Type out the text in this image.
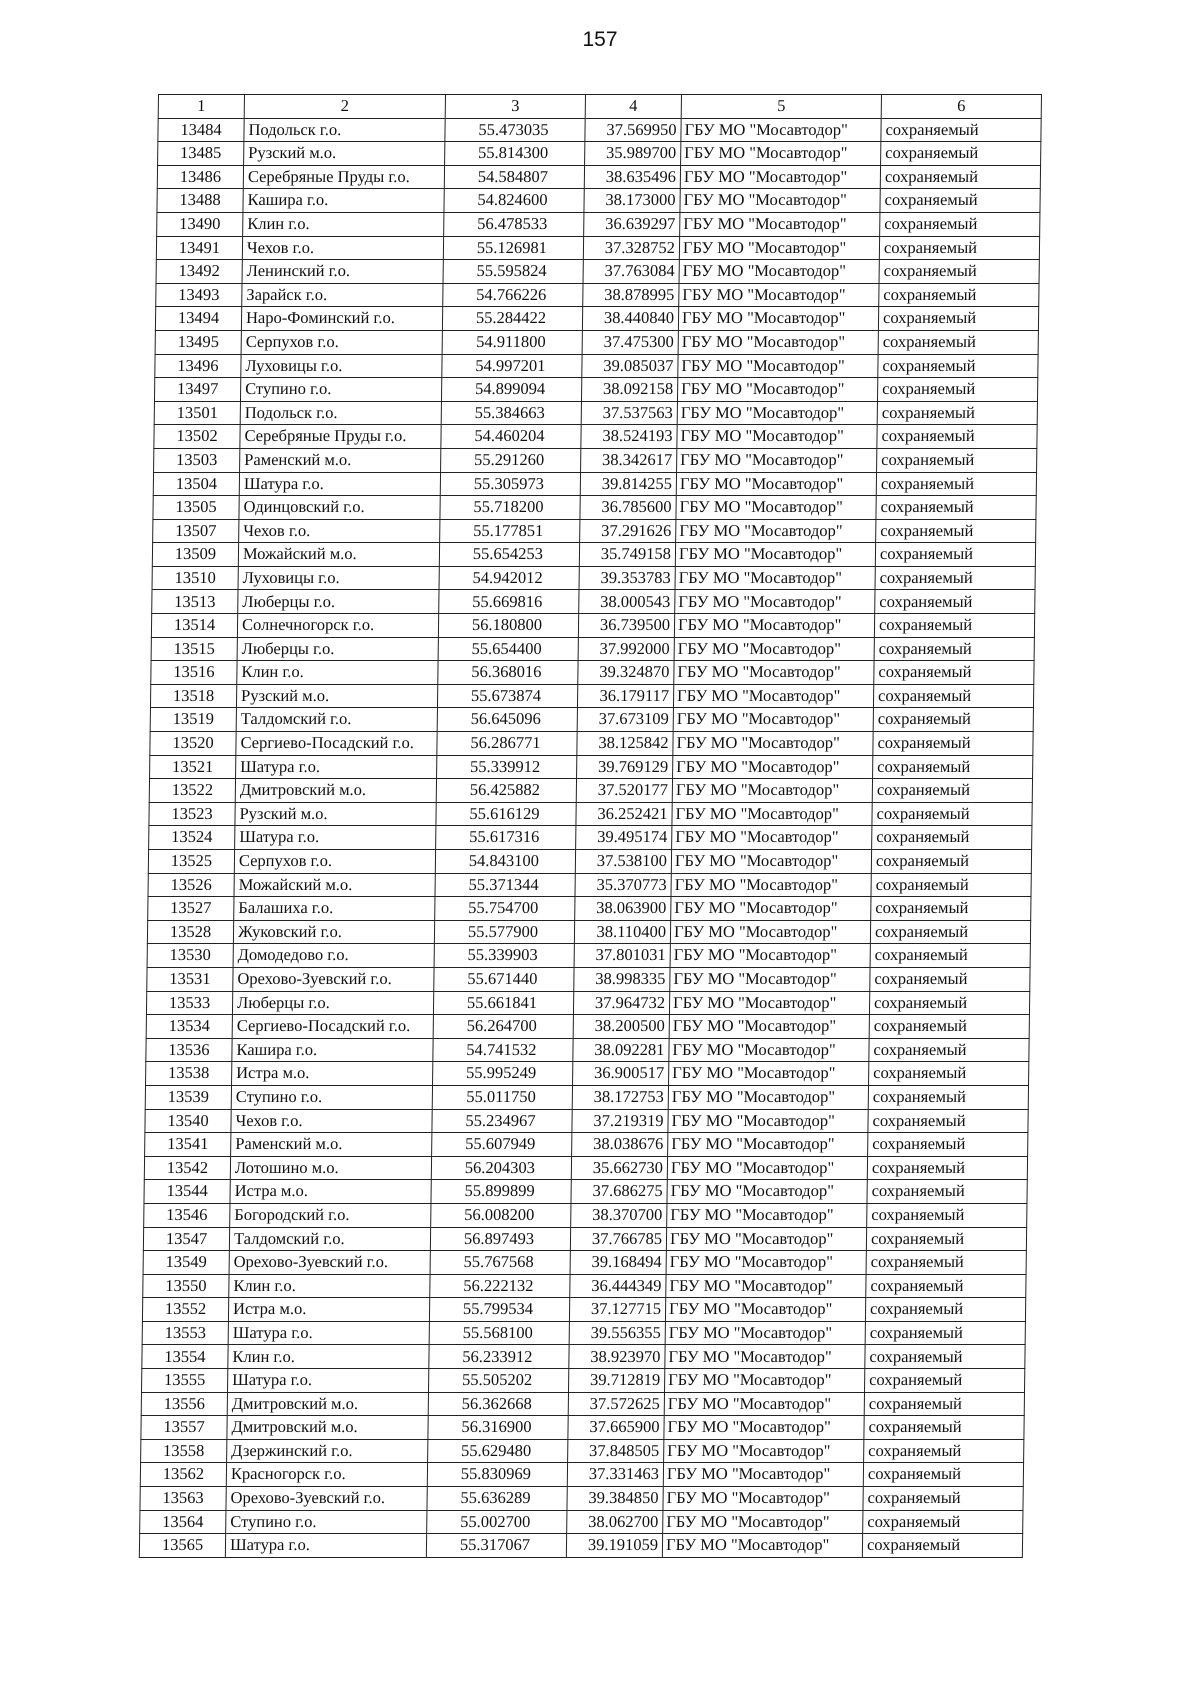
157
1	2	3	4	5	6
13484	Подольск г.о.	55.473035	37.569950	ГБУ МО "Мосавтодор"	сохраняемый
13485	Рузский м.о.	55.814300	35.989700	ГБУ МО "Мосавтодор"	сохраняемый
13486	Серебряные Пруды г.о.	54.584807	38.635496	ГБУ МО "Мосавтодор"	сохраняемый
13488	Кашира г.о.	54.824600	38.173000	ГБУ МО "Мосавтодор"	сохраняемый
13490	Клин г.о.	56.478533	36.639297	ГБУ МО "Мосавтодор"	сохраняемый
13491	Чехов г.о.	55.126981	37.328752	ГБУ МО "Мосавтодор"	сохраняемый
13492	Ленинский г.о.	55.595824	37.763084	ГБУ МО "Мосавтодор"	сохраняемый
13493	Зарайск г.о.	54.766226	38.878995	ГБУ МО "Мосавтодор"	сохраняемый
13494	Наро-Фоминский г.о.	55.284422	38.440840	ГБУ МО "Мосавтодор"	сохраняемый
13495	Серпухов г.о.	54.911800	37.475300	ГБУ МО "Мосавтодор"	сохраняемый
13496	Луховицы г.о.	54.997201	39.085037	ГБУ МО "Мосавтодор"	сохраняемый
13497	Ступино г.о.	54.899094	38.092158	ГБУ МО "Мосавтодор"	сохраняемый
13501	Подольск г.о.	55.384663	37.537563	ГБУ МО "Мосавтодор"	сохраняемый
13502	Серебряные Пруды г.о.	54.460204	38.524193	ГБУ МО "Мосавтодор"	сохраняемый
13503	Раменский м.о.	55.291260	38.342617	ГБУ МО "Мосавтодор"	сохраняемый
13504	Шатура г.о.	55.305973	39.814255	ГБУ МО "Мосавтодор"	сохраняемый
13505	Одинцовский г.о.	55.718200	36.785600	ГБУ МО "Мосавтодор"	сохраняемый
13507	Чехов г.о.	55.177851	37.291626	ГБУ МО "Мосавтодор"	сохраняемый
13509	Можайский м.о.	55.654253	35.749158	ГБУ МО "Мосавтодор"	сохраняемый
13510	Луховицы г.о.	54.942012	39.353783	ГБУ МО "Мосавтодор"	сохраняемый
13513	Люберцы г.о.	55.669816	38.000543	ГБУ МО "Мосавтодор"	сохраняемый
13514	Солнечногорск г.о.	56.180800	36.739500	ГБУ МО "Мосавтодор"	сохраняемый
13515	Люберцы г.о.	55.654400	37.992000	ГБУ МО "Мосавтодор"	сохраняемый
13516	Клин г.о.	56.368016	39.324870	ГБУ МО "Мосавтодор"	сохраняемый
13518	Рузский м.о.	55.673874	36.179117	ГБУ МО "Мосавтодор"	сохраняемый
13519	Талдомский г.о.	56.645096	37.673109	ГБУ МО "Мосавтодор"	сохраняемый
13520	Сергиево-Посадский г.о.	56.286771	38.125842	ГБУ МО "Мосавтодор"	сохраняемый
13521	Шатура г.о.	55.339912	39.769129	ГБУ МО "Мосавтодор"	сохраняемый
13522	Дмитровский м.о.	56.425882	37.520177	ГБУ МО "Мосавтодор"	сохраняемый
13523	Рузский м.о.	55.616129	36.252421	ГБУ МО "Мосавтодор"	сохраняемый
13524	Шатура г.о.	55.617316	39.495174	ГБУ МО "Мосавтодор"	сохраняемый
13525	Серпухов г.о.	54.843100	37.538100	ГБУ МО "Мосавтодор"	сохраняемый
13526	Можайский м.о.	55.371344	35.370773	ГБУ МО "Мосавтодор"	сохраняемый
13527	Балашиха г.о.	55.754700	38.063900	ГБУ МО "Мосавтодор"	сохраняемый
13528	Жуковский г.о.	55.577900	38.110400	ГБУ МО "Мосавтодор"	сохраняемый
13530	Домодедово г.о.	55.339903	37.801031	ГБУ МО "Мосавтодор"	сохраняемый
13531	Орехово-Зуевский г.о.	55.671440	38.998335	ГБУ МО "Мосавтодор"	сохраняемый
13533	Люберцы г.о.	55.661841	37.964732	ГБУ МО "Мосавтодор"	сохраняемый
13534	Сергиево-Посадский г.о.	56.264700	38.200500	ГБУ МО "Мосавтодор"	сохраняемый
13536	Кашира г.о.	54.741532	38.092281	ГБУ МО "Мосавтодор"	сохраняемый
13538	Истра м.о.	55.995249	36.900517	ГБУ МО "Мосавтодор"	сохраняемый
13539	Ступино г.о.	55.011750	38.172753	ГБУ МО "Мосавтодор"	сохраняемый
13540	Чехов г.о.	55.234967	37.219319	ГБУ МО "Мосавтодор"	сохраняемый
13541	Раменский м.о.	55.607949	38.038676	ГБУ МО "Мосавтодор"	сохраняемый
13542	Лотошино м.о.	56.204303	35.662730	ГБУ МО "Мосавтодор"	сохраняемый
13544	Истра м.о.	55.899899	37.686275	ГБУ МО "Мосавтодор"	сохраняемый
13546	Богородский г.о.	56.008200	38.370700	ГБУ МО "Мосавтодор"	сохраняемый
13547	Талдомский г.о.	56.897493	37.766785	ГБУ МО "Мосавтодор"	сохраняемый
13549	Орехово-Зуевский г.о.	55.767568	39.168494	ГБУ МО "Мосавтодор"	сохраняемый
13550	Клин г.о.	56.222132	36.444349	ГБУ МО "Мосавтодор"	сохраняемый
13552	Истра м.о.	55.799534	37.127715	ГБУ МО "Мосавтодор"	сохраняемый
13553	Шатура г.о.	55.568100	39.556355	ГБУ МО "Мосавтодор"	сохраняемый
13554	Клин г.о.	56.233912	38.923970	ГБУ МО "Мосавтодор"	сохраняемый
13555	Шатура г.о.	55.505202	39.712819	ГБУ МО "Мосавтодор"	сохраняемый
13556	Дмитровский м.о.	56.362668	37.572625	ГБУ МО "Мосавтодор"	сохраняемый
13557	Дмитровский м.о.	56.316900	37.665900	ГБУ МО "Мосавтодор"	сохраняемый
13558	Дзержинский г.о.	55.629480	37.848505	ГБУ МО "Мосавтодор"	сохраняемый
13562	Красногорск г.о.	55.830969	37.331463	ГБУ МО "Мосавтодор"	сохраняемый
13563	Орехово-Зуевский г.о.	55.636289	39.384850	ГБУ МО "Мосавтодор"	сохраняемый
13564	Ступино г.о.	55.002700	38.062700	ГБУ МО "Мосавтодор"	сохраняемый
13565	Шатура г.о.	55.317067	39.191059	ГБУ МО "Мосавтодор"	сохраняемый
